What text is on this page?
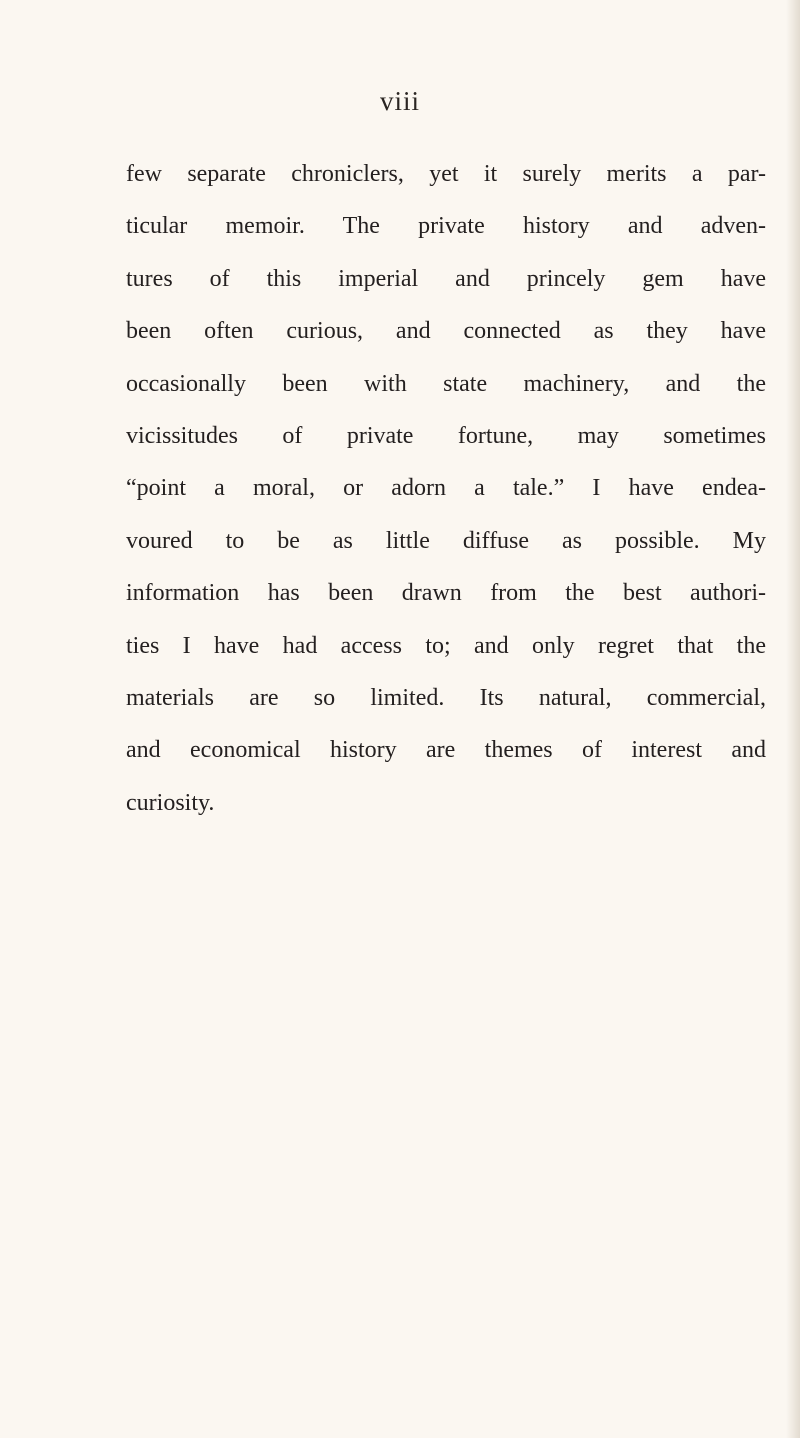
viii

few separate chroniclers, yet it surely merits a par-
ticular memoir. The private history and adven-
tures of this imperial and princely gem have
been often curious, and connected as they have
occasionally been with state machinery, and the
vicissitudes of private fortune, may sometimes
“point a moral, or adorn a tale.” I have endea-
voured to be as little diffuse as possible. My
information has been drawn from the best authori-
ties I have had access to; and only regret that the
materials are so limited. Its natural, commercial,
and economical history are themes of interest and
curiosity.
